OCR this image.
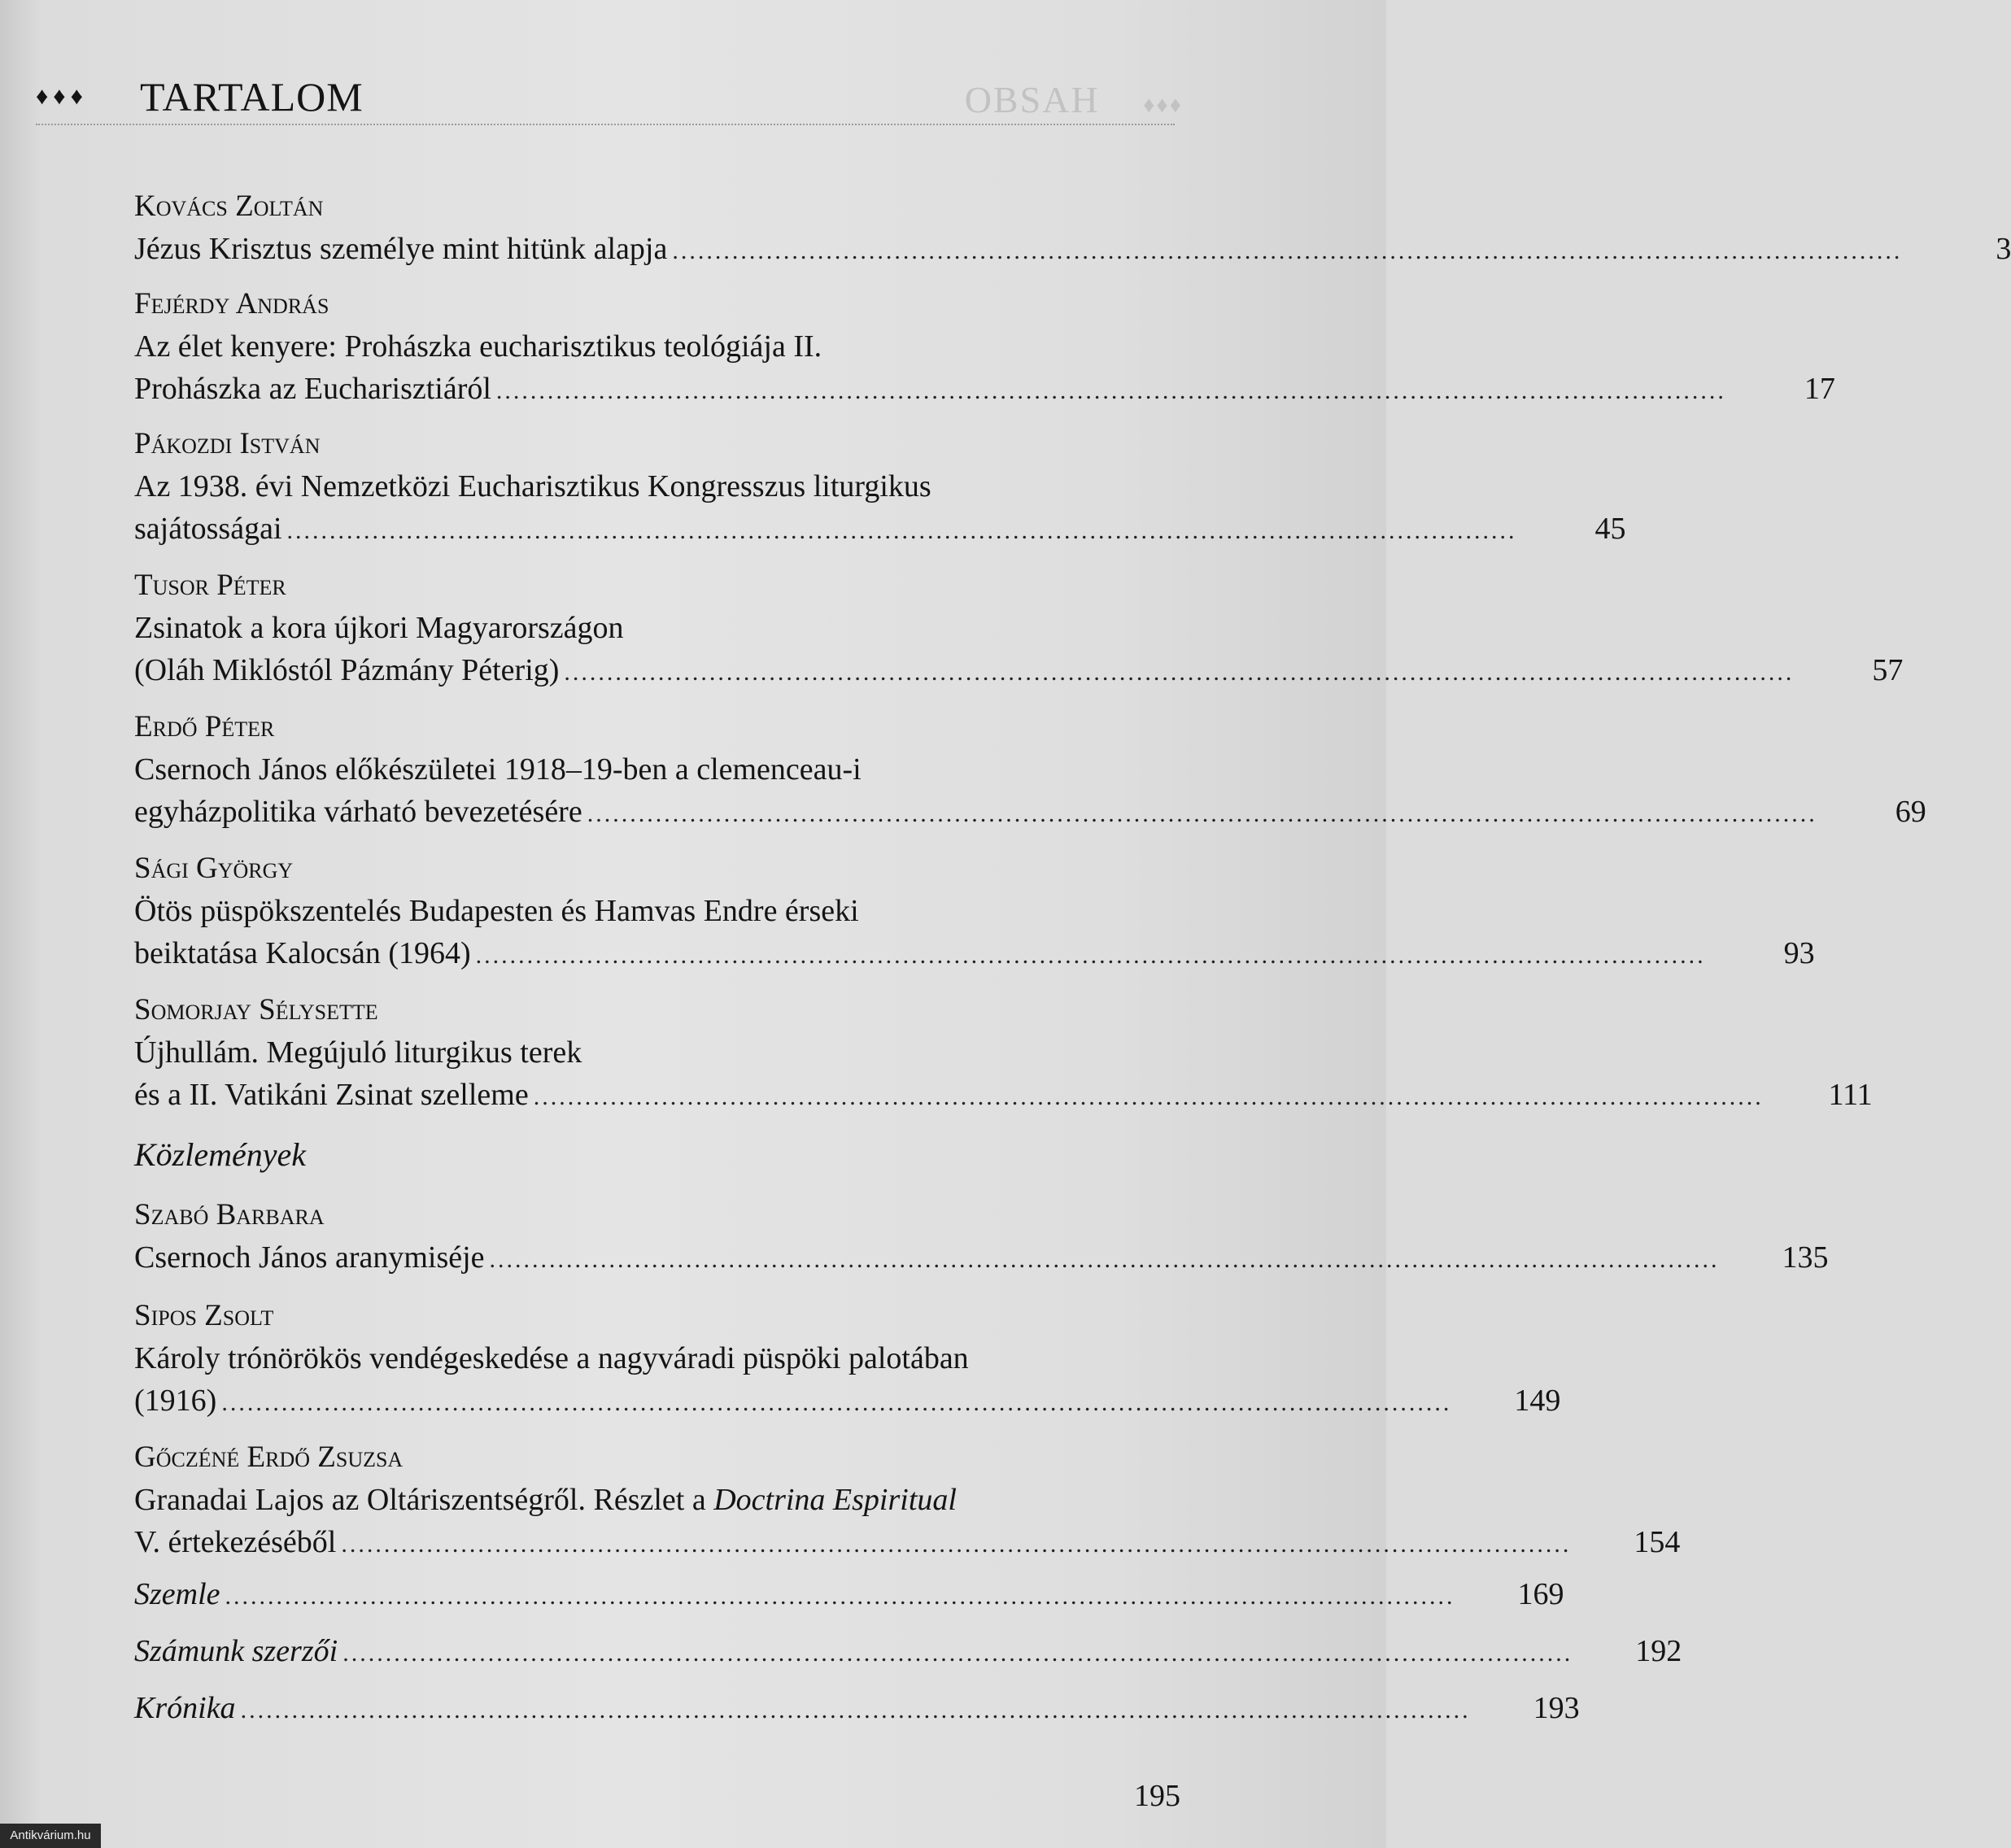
OBSAH ♦♦♦
♦♦♦ TARTALOM
Kovács Zoltán
Jézus Krisztus személye mint hitünk alapja ................................................................................................................................................	3
Fejérdy András
Az élet kenyere: Prohászka eucharisztikus teológiája II.
Prohászka az Eucharisztiáról ................................................................................................................................................	17
Pákozdi István
Az 1938. évi Nemzetközi Eucharisztikus Kongresszus liturgikus
sajátosságai ................................................................................................................................................	45
Tusor Péter
Zsinatok a kora újkori Magyarországon
(Oláh Miklóstól Pázmány Péterig) ................................................................................................................................................	57
Erdő Péter
Csernoch János előkészületei 1918–19-ben a clemenceau-i
egyházpolitika várható bevezetésére ................................................................................................................................................	69
Sági György
Ötös püspökszentelés Budapesten és Hamvas Endre érseki
beiktatása Kalocsán (1964) ................................................................................................................................................	93
Somorjay Sélysette
Újhullám. Megújuló liturgikus terek
és a II. Vatikáni Zsinat szelleme ................................................................................................................................................	111
Közlemények
Szabó Barbara
Csernoch János aranymiséje ................................................................................................................................................	135
Sipos Zsolt
Károly trónörökös vendégeskedése a nagyváradi püspöki palotában
(1916) ................................................................................................................................................	149
Gőczéné Erdő Zsuzsa
Granadai Lajos az Oltáriszentségről. Részlet a Doctrina Espiritual
V. értekezéséből ................................................................................................................................................	154
Szemle ................................................................................................................................................	169
Számunk szerzői ................................................................................................................................................	192
Krónika ................................................................................................................................................	193
195
Antikvárium.hu
